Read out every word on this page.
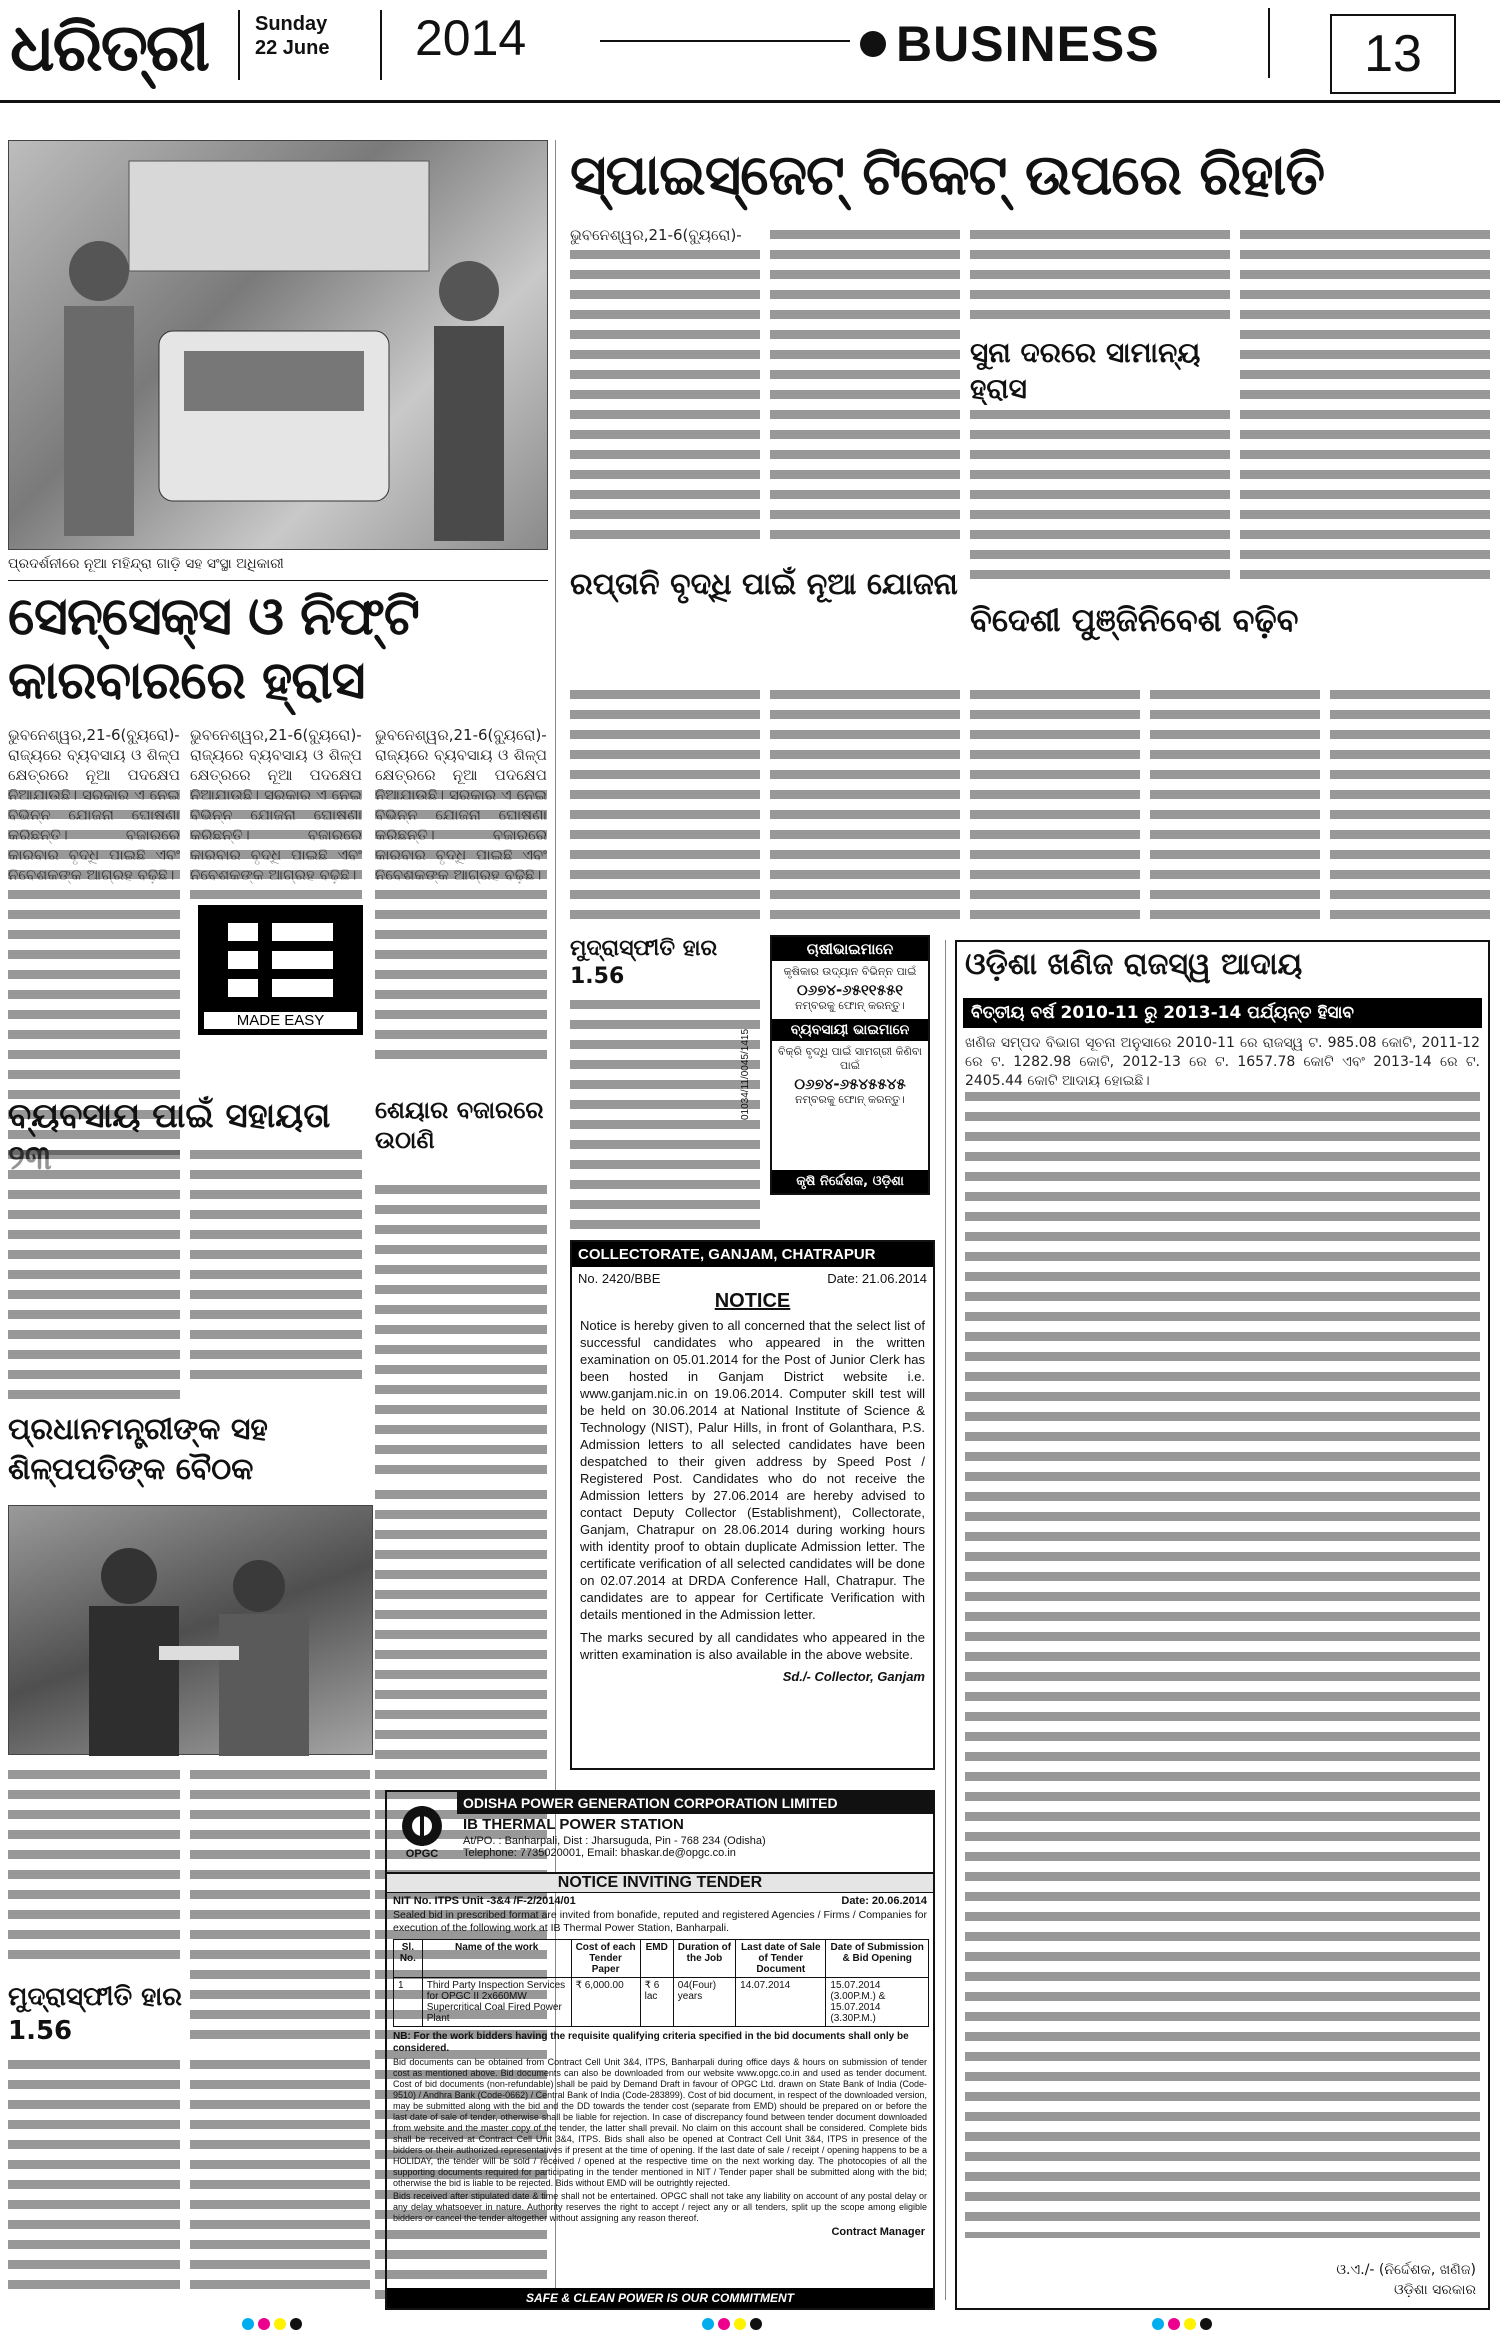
ଧରିତ୍ରୀ	Sunday
22 June 2014	BUSINESS	13
ପ୍ରଦର୍ଶନୀରେ ନୂଆ ମହିନ୍ଦ୍ରା ଗାଡ଼ି ସହ ସଂସ୍ଥା ଅଧିକାରୀ
ସେନ୍‌ସେକ୍ସ ଓ ନିଫ୍ଟି କାରବାରରେ ହ୍ରାସ
ଭୁବନେଶ୍ୱର,21-6(ବ୍ୟୁରୋ)- ରାଜ୍ୟରେ ବ୍ୟବସାୟ ଓ ଶିଳ୍ପ କ୍ଷେତ୍ରରେ ନୂଆ ପଦକ୍ଷେପ
ଭୁବନେଶ୍ୱର,21-6(ବ୍ୟୁରୋ)- ରାଜ୍ୟରେ ବ୍ୟବସାୟ ଓ ଶିଳ୍ପ କ୍ଷେତ୍ରରେ ନୂଆ ପଦକ୍ଷେପ
ଭୁବନେଶ୍ୱର,21-6(ବ୍ୟୁରୋ)- ରାଜ୍ୟରେ ବ୍ୟବସାୟ ଓ ଶିଳ୍ପ କ୍ଷେତ୍ରରେ ନୂଆ ପଦକ୍ଷେପ
ବ୍ୟବସାୟ ପାଇଁ ସହାୟତା
MADE EASY
ଶେୟାର ବଜାରରେ ଉଠାଣି
ପ୍ରଧାନମନ୍ତ୍ରୀଙ୍କ ସହ ଶିଳ୍ପପତିଙ୍କ ବୈଠକ
ମୁଦ୍ରାସ୍ଫୀତି ହାର 1.56
ସ୍ପାଇସ୍‌ଜେଟ୍ ଟିକେଟ୍ ଉପରେ ରିହାତି
ଭୁବନେଶ୍ୱର,21-6(ବ୍ୟୁରୋ)-
ସୁନା ଦରରେ ସାମାନ୍ୟ ହ୍ରାସ
ରପ୍ତାନି ବୃଦ୍ଧି ପାଇଁ ନୂଆ ଯୋଜନା
ବିଦେଶୀ ପୁଞ୍ଜିନିବେଶ ବଢ଼ିବ
ମୁଦ୍ରାସ୍ଫୀତି ହାର 1.56
ଚାଷୀଭାଇମାନେ
କୃଷିକାର ଉଦ୍ୟାନ ବିଭିନ୍ନ ପାଇଁ
୦୬୭୪-୬୫୧୧୫୫୧
ନମ୍ବରକୁ ଫୋନ୍ କରନ୍ତୁ।
ବ୍ୟବସାୟୀ ଭାଇମାନେ
ବିକ୍ରି ବୃଦ୍ଧି ପାଇଁ ସାମଗ୍ରୀ କିଣିବା ପାଇଁ
୦୬୭୪-୬୫୪୫୫୪୫
ନମ୍ବରକୁ ଫୋନ୍ କରନ୍ତୁ।
କୃଷି ନିର୍ଦ୍ଦେଶକ, ଓଡ଼ିଶା
01034/11/0045/1415
COLLECTORATE, GANJAM, CHATRAPUR
No. 2420/BBE	Date: 21.06.2014
NOTICE
Notice is hereby given to all concerned that the select list of successful candidates who appeared in the written examination on 05.01.2014 for the Post of Junior Clerk has been hosted in Ganjam District website i.e. www.ganjam.nic.in on 19.06.2014. Computer skill test will be held on 30.06.2014 at National Institute of Science & Technology (NIST), Palur Hills, in front of Golanthara, P.S. Admission letters to all selected candidates have been despatched to their given address by Speed Post / Registered Post. Candidates who do not receive the Admission letters by 27.06.2014 are hereby advised to contact Deputy Collector (Establishment), Collectorate, Ganjam, Chatrapur on 28.06.2014 during working hours with identity proof to obtain duplicate Admission letter. The certificate verification of all selected candidates will be done on 02.07.2014 at DRDA Conference Hall, Chatrapur. The candidates are to appear for Certificate Verification with details mentioned in the Admission letter.
The marks secured by all candidates who appeared in the written examination is also available in the above website.
Sd./- Collector, Ganjam
OPGC
ODISHA POWER GENERATION CORPORATION LIMITED
IB THERMAL POWER STATION
At/PO. : Banharpali, Dist : Jharsuguda, Pin - 768 234 (Odisha)
Telephone: 7735020001, Email: bhaskar.de@opgc.co.in
NOTICE INVITING TENDER
NIT No. ITPS Unit -3&4 /F-2/2014/01	Date: 20.06.2014
Sealed bid in prescribed format are invited from bonafide, reputed and registered Agencies / Firms / Companies for execution of the following work at IB Thermal Power Station, Banharpali.
Sl. No.	Name of the work	Cost of each Tender Paper	EMD	Duration of the Job	Last date of Sale of Tender Document	Date of Submission & Bid Opening
1	Third Party Inspection Services for OPGC II 2x660MW Supercritical Coal Fired Power Plant	₹ 6,000.00	₹ 6 lac	04(Four) years	14.07.2014	15.07.2014 (3.00P.M.) & 15.07.2014 (3.30P.M.)
NB: For the work bidders having the requisite qualifying criteria specified in the bid documents shall only be considered.
Bid documents can be obtained from Contract Cell Unit 3&4, ITPS, Banharpali during office days & hours on submission of tender cost as mentioned above. Bid documents can also be downloaded from our website www.opgc.co.in and used as tender document. Cost of bid documents (non-refundable) shall be paid by Demand Draft in favour of OPGC Ltd. drawn on State Bank of India (Code-9510) / Andhra Bank (Code-0662) / Central Bank of India (Code-283899). Cost of bid document, in respect of the downloaded version, may be submitted along with the bid and the DD towards the tender cost (separate from EMD) should be prepared on or before the last date of sale of tender, otherwise shall be liable for rejection. In case of discrepancy found between tender document downloaded from website and the master copy of the tender, the latter shall prevail. No claim on this account shall be considered. Complete bids shall be received at Contract Cell Unit 3&4, ITPS. Bids shall also be opened at Contract Cell Unit 3&4, ITPS in presence of the bidders or their authorized representatives if present at the time of opening. If the last date of sale / receipt / opening happens to be a HOLIDAY, the tender will be sold / received / opened at the respective time on the next working day. The photocopies of all the supporting documents required for participating in the tender mentioned in NIT / Tender paper shall be submitted along with the bid; otherwise the bid is liable to be rejected. Bids without EMD will be outrightly rejected.
Bids received after stipulated date & time shall not be entertained. OPGC shall not take any liability on account of any postal delay or any delay whatsoever in nature. Authority reserves the right to accept / reject any or all tenders, split up the scope among eligible bidders or cancel the tender altogether without assigning any reason thereof.
Contract Manager
SAFE & CLEAN POWER IS OUR COMMITMENT
ଓଡ଼ିଶା ଖଣିଜ ରାଜସ୍ୱ ଆଦାୟ
ବିତ୍ତୀୟ ବର୍ଷ 2010-11 ରୁ 2013-14 ପର୍ଯ୍ୟନ୍ତ ହିସାବ
ଖଣିଜ ସମ୍ପଦ ବିଭାଗ ସୂଚନା ଅନୁସାରେ 2010-11 ରେ ରାଜସ୍ୱ ଟ. 985.08 କୋଟି, 2011-12 ରେ ଟ. 1282.98 କୋଟି, 2012-13 ରେ ଟ. 1657.78 କୋଟି ଏବଂ 2013-14 ରେ ଟ. 2405.44 କୋଟି ଆଦାୟ ହୋଇଛି।
ଓ.ଏ./- (ନିର୍ଦ୍ଦେଶକ, ଖଣିଜ)
ଓଡ଼ିଶା ସରକାର
